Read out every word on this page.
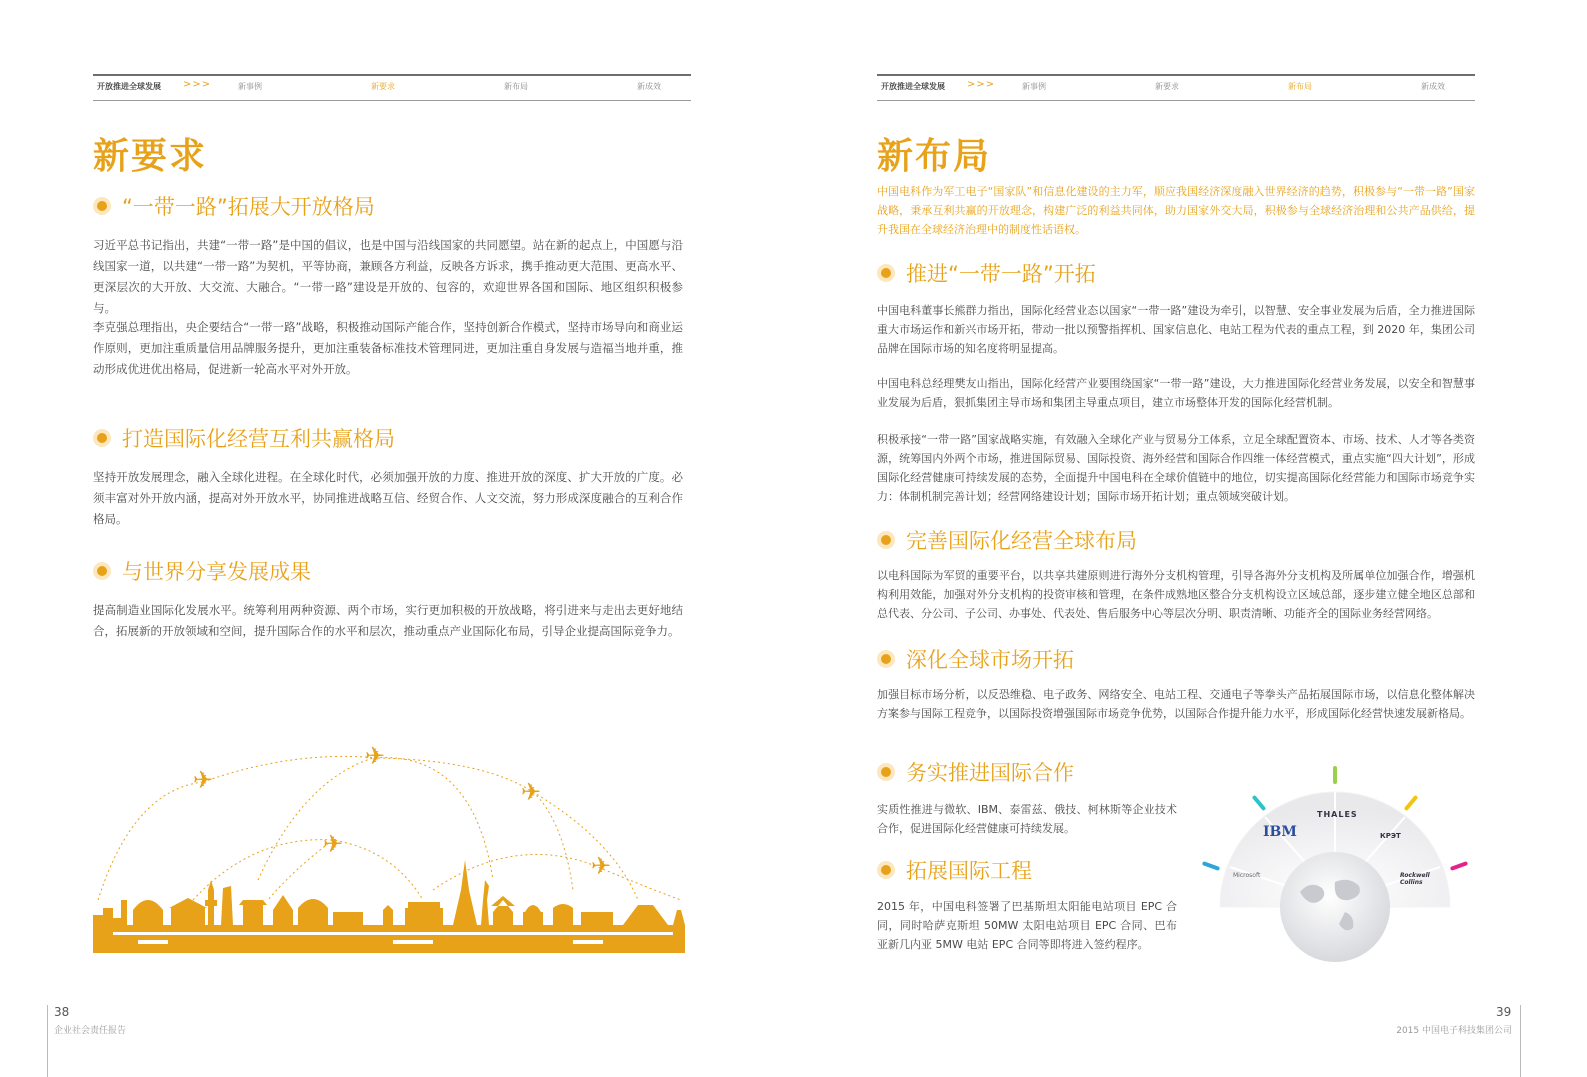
开放推进全球发展 >>>	新事例	新要求	新布局	新成效
新要求
“一带一路”拓展大开放格局
习近平总书记指出，共建“一带一路”是中国的倡议，也是中国与沿线国家的共同愿望。站在新的起点上，中国愿与沿线国家一道，以共建“一带一路”为契机，平等协商，兼顾各方利益，反映各方诉求，携手推动更大范围、更高水平、更深层次的大开放、大交流、大融合。“一带一路”建设是开放的、包容的，欢迎世界各国和国际、地区组织积极参与。
李克强总理指出，央企要结合“一带一路”战略，积极推动国际产能合作，坚持创新合作模式，坚持市场导向和商业运作原则，更加注重质量信用品牌服务提升，更加注重装备标准技术管理同进，更加注重自身发展与造福当地并重，推动形成优进优出格局，促进新一轮高水平对外开放。
打造国际化经营互利共赢格局
坚持开放发展理念，融入全球化进程。在全球化时代，必须加强开放的力度、推进开放的深度、扩大开放的广度。必须丰富对外开放内涵，提高对外开放水平，协同推进战略互信、经贸合作、人文交流，努力形成深度融合的互利合作格局。
与世界分享发展成果
提高制造业国际化发展水平。统筹利用两种资源、两个市场，实行更加积极的开放战略，将引进来与走出去更好地结合，拓展新的开放领域和空间，提升国际合作的水平和层次，推动重点产业国际化布局，引导企业提高国际竞争力。
✈
✈
✈
✈
✈
开放推进全球发展 >>>	新事例	新要求	新布局	新成效
新布局
中国电科作为军工电子“国家队”和信息化建设的主力军，顺应我国经济深度融入世界经济的趋势，积极参与“一带一路”国家战略，秉承互利共赢的开放理念，构建广泛的利益共同体，助力国家外交大局，积极参与全球经济治理和公共产品供给，提升我国在全球经济治理中的制度性话语权。
推进“一带一路”开拓
中国电科董事长熊群力指出，国际化经营业态以国家“一带一路”建设为牵引，以智慧、安全事业发展为后盾，全力推进国际重大市场运作和新兴市场开拓，带动一批以预警指挥机、国家信息化、电站工程为代表的重点工程，到 2020 年，集团公司品牌在国际市场的知名度将明显提高。
中国电科总经理樊友山指出，国际化经营产业要围绕国家“一带一路”建设，大力推进国际化经营业务发展，以安全和智慧事业发展为后盾，狠抓集团主导市场和集团主导重点项目，建立市场整体开发的国际化经营机制。
积极承接“一带一路”国家战略实施，有效融入全球化产业与贸易分工体系，立足全球配置资本、市场、技术、人才等各类资源，统筹国内外两个市场，推进国际贸易、国际投资、海外经营和国际合作四维一体经营模式，重点实施“四大计划”，形成国际化经营健康可持续发展的态势，全面提升中国电科在全球价值链中的地位，切实提高国际化经营能力和国际市场竞争实力：体制机制完善计划；经营网络建设计划；国际市场开拓计划；重点领域突破计划。
完善国际化经营全球布局
以电科国际为军贸的重要平台，以共享共建原则进行海外分支机构管理，引导各海外分支机构及所属单位加强合作，增强机构利用效能，加强对外分支机构的投资审核和管理，在条件成熟地区整合分支机构设立区域总部，逐步建立健全地区总部和总代表、分公司、子公司、办事处、代表处、售后服务中心等层次分明、职责清晰、功能齐全的国际业务经营网络。
深化全球市场开拓
加强目标市场分析，以反恐维稳、电子政务、网络安全、电站工程、交通电子等拳头产品拓展国际市场，以信息化整体解决方案参与国际工程竞争，以国际投资增强国际市场竞争优势，以国际合作提升能力水平，形成国际化经营快速发展新格局。
务实推进国际合作
实质性推进与微软、IBM、泰雷兹、俄技、柯林斯等企业技术合作，促进国际化经营健康可持续发展。
拓展国际工程
2015 年，中国电科签署了巴基斯坦太阳能电站项目 EPC 合同，同时哈萨克斯坦 50MW 太阳电站项目 EPC 合同、巴布亚新几内亚 5MW 电站 EPC 合同等即将进入签约程序。
THALES
IBM	КРЭТ
Microsoft	Rockwell Collins
38
企业社会责任报告
39
2015 中国电子科技集团公司
